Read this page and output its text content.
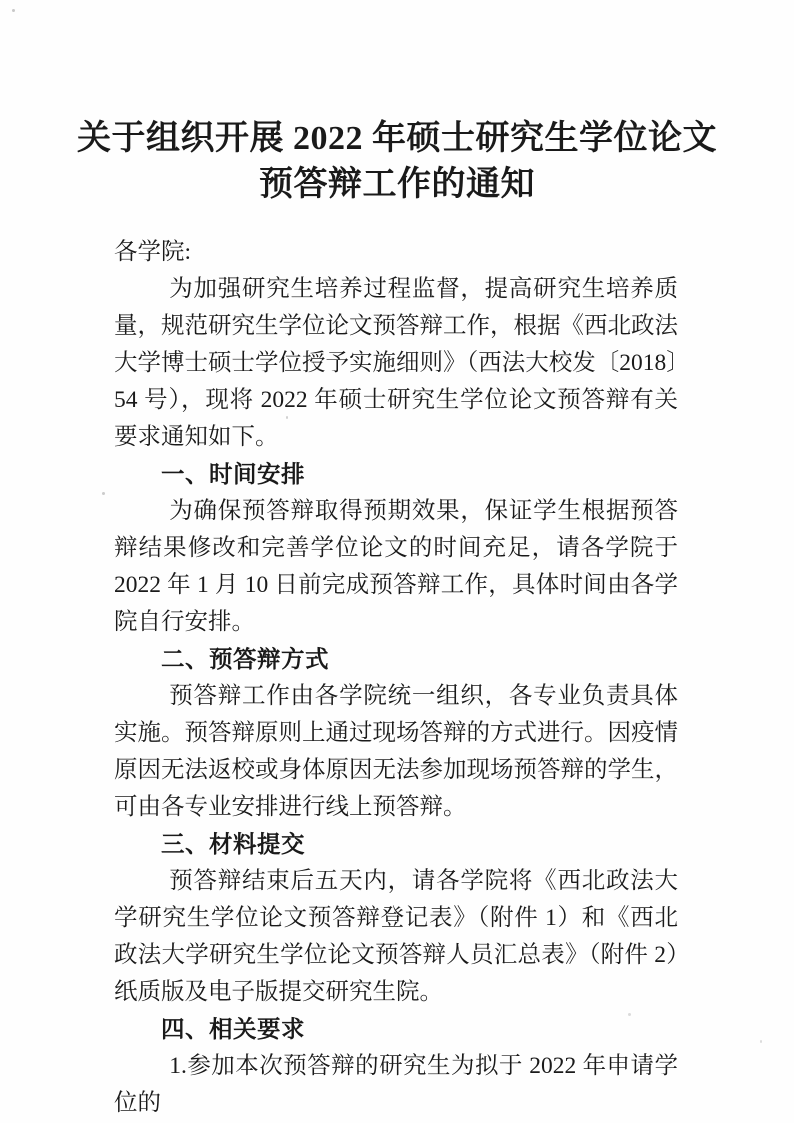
关于组织开展 2022 年硕士研究生学位论文
预答辩工作的通知

各学院:

为加强研究生培养过程监督，提高研究生培养质量，规范研究生学位论文预答辩工作，根据《西北政法大学博士硕士学位授予实施细则》（西法大校发〔2018〕54 号），现将 2022 年硕士研究生学位论文预答辩有关要求通知如下。

一、时间安排

为确保预答辩取得预期效果，保证学生根据预答辩结果修改和完善学位论文的时间充足，请各学院于 2022 年 1 月 10 日前完成预答辩工作，具体时间由各学院自行安排。

二、预答辩方式

预答辩工作由各学院统一组织，各专业负责具体实施。预答辩原则上通过现场答辩的方式进行。因疫情原因无法返校或身体原因无法参加现场预答辩的学生，可由各专业安排进行线上预答辩。

三、材料提交

预答辩结束后五天内，请各学院将《西北政法大学研究生学位论文预答辩登记表》（附件 1）和《西北政法大学研究生学位论文预答辩人员汇总表》（附件 2）纸质版及电子版提交研究生院。

四、相关要求

1.参加本次预答辩的研究生为拟于 2022 年申请学位的
